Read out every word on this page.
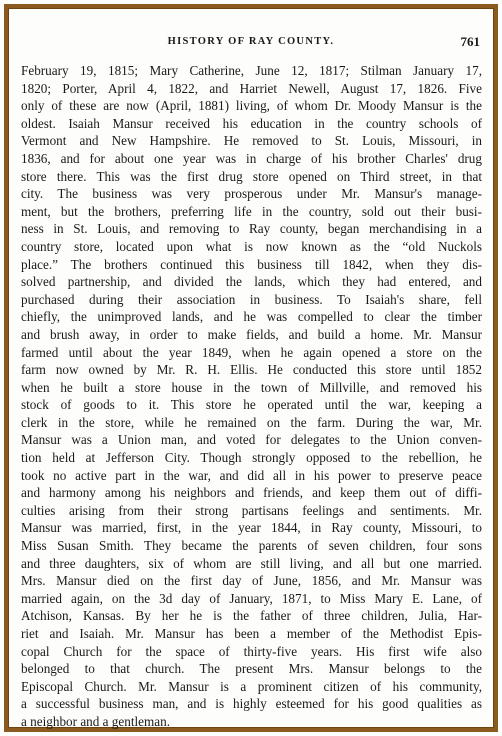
HISTORY OF RAY COUNTY.	761
February 19, 1815; Mary Catherine, June 12, 1817; Stilman January 17,
1820; Porter, April 4, 1822, and Harriet Newell, August 17, 1826. Five
only of these are now (April, 1881) living, of whom Dr. Moody Mansur is the
oldest. Isaiah Mansur received his education in the country schools of
Vermont and New Hampshire. He removed to St. Louis, Missouri, in
1836, and for about one year was in charge of his brother Charles' drug
store there. This was the first drug store opened on Third street, in that
city. The business was very prosperous under Mr. Mansur's manage-
ment, but the brothers, preferring life in the country, sold out their busi-
ness in St. Louis, and removing to Ray county, began merchandising in a
country store, located upon what is now known as the “old Nuckols
place.” The brothers continued this business till 1842, when they dis-
solved partnership, and divided the lands, which they had entered, and
purchased during their association in business. To Isaiah's share, fell
chiefly, the unimproved lands, and he was compelled to clear the timber
and brush away, in order to make fields, and build a home. Mr. Mansur
farmed until about the year 1849, when he again opened a store on the
farm now owned by Mr. R. H. Ellis. He conducted this store until 1852
when he built a store house in the town of Millville, and removed his
stock of goods to it. This store he operated until the war, keeping a
clerk in the store, while he remained on the farm. During the war, Mr.
Mansur was a Union man, and voted for delegates to the Union conven-
tion held at Jefferson City. Though strongly opposed to the rebellion, he
took no active part in the war, and did all in his power to preserve peace
and harmony among his neighbors and friends, and keep them out of diffi-
culties arising from their strong partisans feelings and sentiments. Mr.
Mansur was married, first, in the year 1844, in Ray county, Missouri, to
Miss Susan Smith. They became the parents of seven children, four sons
and three daughters, six of whom are still living, and all but one married.
Mrs. Mansur died on the first day of June, 1856, and Mr. Mansur was
married again, on the 3d day of January, 1871, to Miss Mary E. Lane, of
Atchison, Kansas. By her he is the father of three children, Julia, Har-
riet and Isaiah. Mr. Mansur has been a member of the Methodist Epis-
copal Church for the space of thirty-five years. His first wife also
belonged to that church. The present Mrs. Mansur belongs to the
Episcopal Church. Mr. Mansur is a prominent citizen of his community,
a successful business man, and is highly esteemed for his good qualities as
a neighbor and a gentleman.
